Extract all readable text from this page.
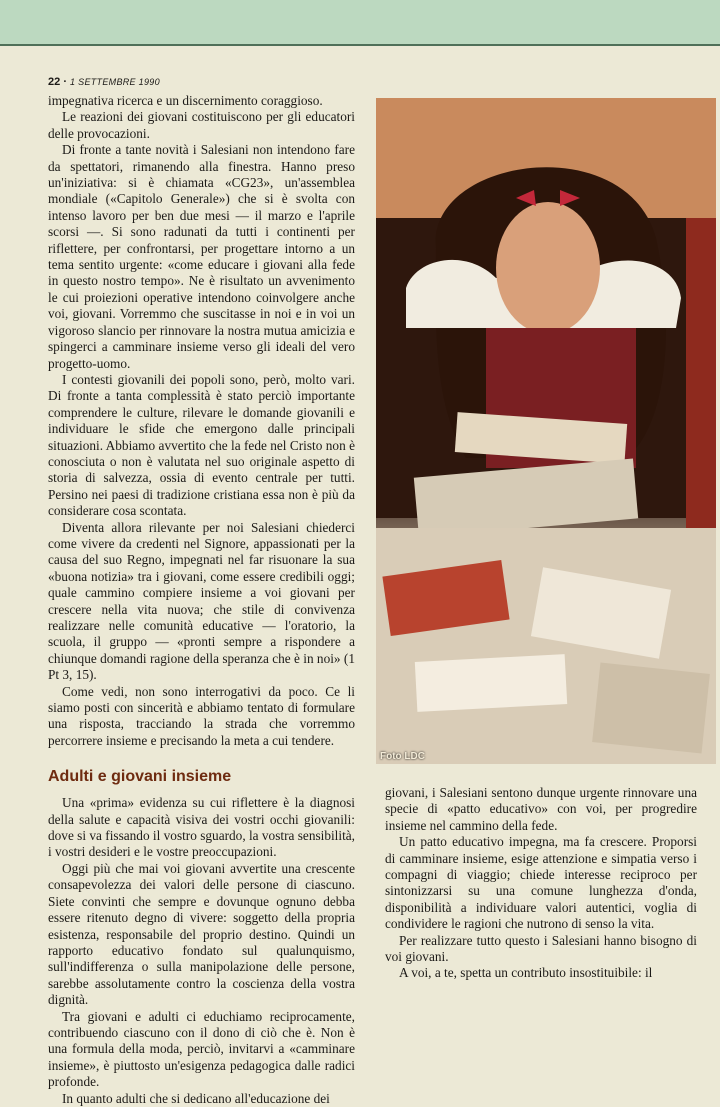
22 · 1 SETTEMBRE 1990

impegnativa ricerca e un discernimento coraggioso.

Le reazioni dei giovani costituiscono per gli educatori delle provocazioni.

Di fronte a tante novità i Salesiani non intendono fare da spettatori, rimanendo alla finestra. Hanno preso un'iniziativa: si è chiamata «CG23», un'assemblea mondiale («Capitolo Generale») che si è svolta con intenso lavoro per ben due mesi — il marzo e l'aprile scorsi —. Si sono radunati da tutti i continenti per riflettere, per confrontarsi, per progettare intorno a un tema sentito urgente: «come educare i giovani alla fede in questo nostro tempo». Ne è risultato un avvenimento le cui proiezioni operative intendono coinvolgere anche voi, giovani. Vorremmo che suscitasse in noi e in voi un vigoroso slancio per rinnovare la nostra mutua amicizia e spingerci a camminare insieme verso gli ideali del vero progetto-uomo.

I contesti giovanili dei popoli sono, però, molto vari. Di fronte a tanta complessità è stato perciò importante comprendere le culture, rilevare le domande giovanili e individuare le sfide che emergono dalle principali situazioni. Abbiamo avvertito che la fede nel Cristo non è conosciuta o non è valutata nel suo originale aspetto di storia di salvezza, ossia di evento centrale per tutti. Persino nei paesi di tradizione cristiana essa non è più da considerare cosa scontata.

Diventa allora rilevante per noi Salesiani chiederci come vivere da credenti nel Signore, appassionati per la causa del suo Regno, impegnati nel far risuonare la sua «buona notizia» tra i giovani, come essere credibili oggi; quale cammino compiere insieme a voi giovani per crescere nella vita nuova; che stile di convivenza realizzare nelle comunità educative — l'oratorio, la scuola, il gruppo — «pronti sempre a rispondere a chiunque domandi ragione della speranza che è in noi» (1 Pt 3, 15).

Come vedi, non sono interrogativi da poco. Ce li siamo posti con sincerità e abbiamo tentato di formulare una risposta, tracciando la strada che vorremmo percorrere insieme e precisando la meta a cui tendere.

Adulti e giovani insieme

Una «prima» evidenza su cui riflettere è la diagnosi della salute e capacità visiva dei vostri occhi giovanili: dove si va fissando il vostro sguardo, la vostra sensibilità, i vostri desideri e le vostre preoccupazioni.

Oggi più che mai voi giovani avvertite una crescente consapevolezza dei valori delle persone di ciascuno. Siete convinti che sempre e dovunque ognuno debba essere ritenuto degno di vivere: soggetto della propria esistenza, responsabile del proprio destino. Quindi un rapporto educativo fondato sul qualunquismo, sull'indifferenza o sulla manipolazione delle persone, sarebbe assolutamente contro la coscienza della vostra dignità.

Tra giovani e adulti ci educhiamo reciprocamente, contribuendo ciascuno con il dono di ciò che è. Non è una formula della moda, perciò, invitarvi a «camminare insieme», è piuttosto un'esigenza pedagogica dalle radici profonde.

In quanto adulti che si dedicano all'educazione dei

Foto LDC

giovani, i Salesiani sentono dunque urgente rinnovare una specie di «patto educativo» con voi, per progredire insieme nel cammino della fede.

Un patto educativo impegna, ma fa crescere. Proporsi di camminare insieme, esige attenzione e simpatia verso i compagni di viaggio; chiede interesse reciproco per sintonizzarsi su una comune lunghezza d'onda, disponibilità a individuare valori autentici, voglia di condividere le ragioni che nutrono di senso la vita.

Per realizzare tutto questo i Salesiani hanno bisogno di voi giovani.

A voi, a te, spetta un contributo insostituibile: il
